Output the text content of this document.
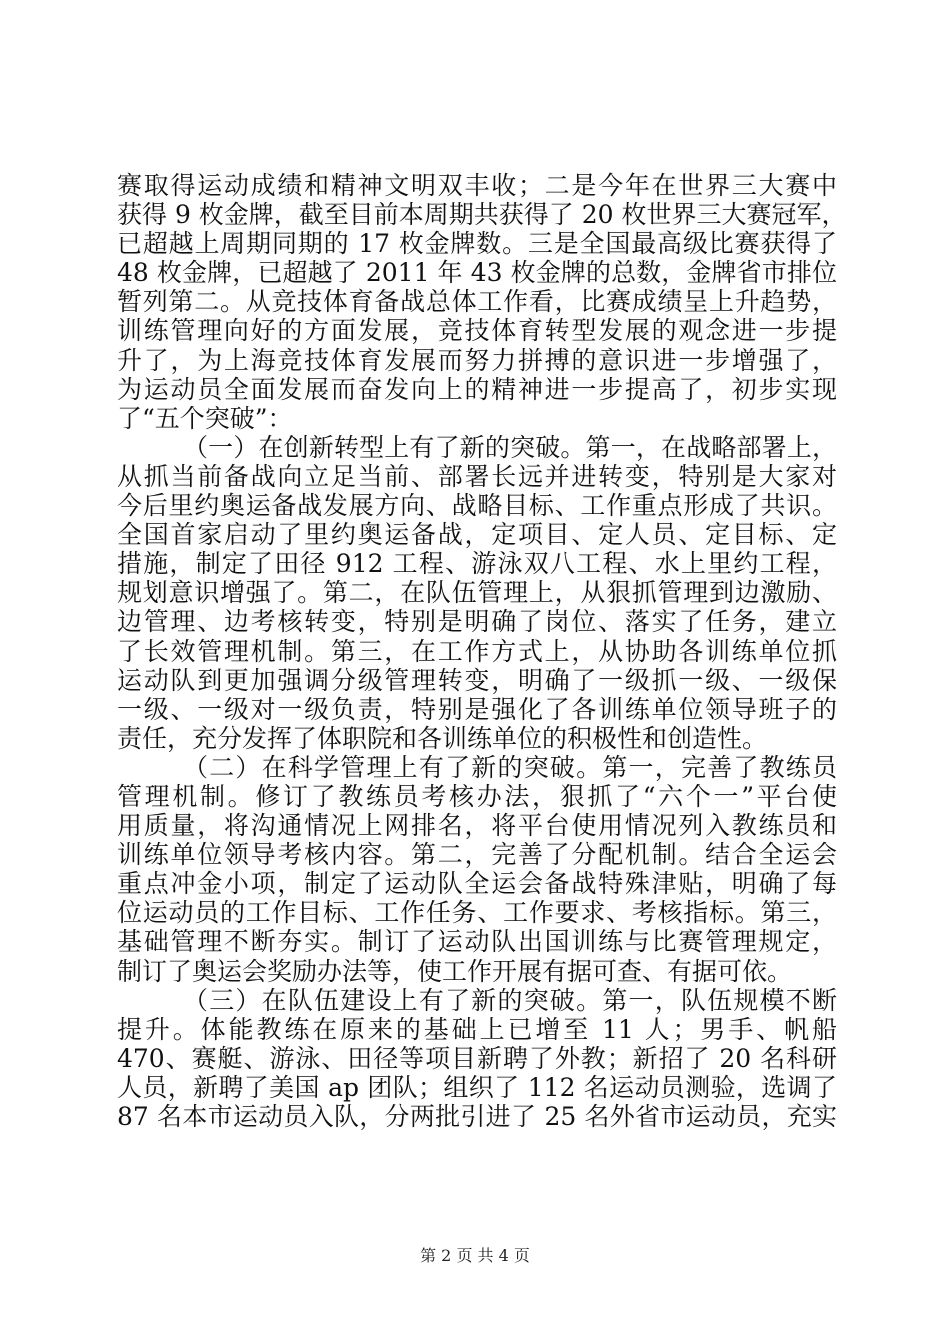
赛取得运动成绩和精神文明双丰收；二是今年在世界三大赛中
获得 9 枚金牌，截至目前本周期共获得了 20 枚世界三大赛冠军，
已超越上周期同期的 17 枚金牌数。三是全国最高级比赛获得了
48 枚金牌，已超越了 2011 年 43 枚金牌的总数，金牌省市排位
暂列第二。从竞技体育备战总体工作看，比赛成绩呈上升趋势，
训练管理向好的方面发展，竞技体育转型发展的观念进一步提
升了，为上海竞技体育发展而努力拼搏的意识进一步增强了，
为运动员全面发展而奋发向上的精神进一步提高了，初步实现
了“五个突破”：
（一）在创新转型上有了新的突破。第一，在战略部署上，
从抓当前备战向立足当前、部署长远并进转变，特别是大家对
今后里约奥运备战发展方向、战略目标、工作重点形成了共识。
全国首家启动了里约奥运备战，定项目、定人员、定目标、定
措施，制定了田径 912 工程、游泳双八工程、水上里约工程，
规划意识增强了。第二，在队伍管理上，从狠抓管理到边激励、
边管理、边考核转变，特别是明确了岗位、落实了任务，建立
了长效管理机制。第三，在工作方式上，从协助各训练单位抓
运动队到更加强调分级管理转变，明确了一级抓一级、一级保
一级、一级对一级负责，特别是强化了各训练单位领导班子的
责任，充分发挥了体职院和各训练单位的积极性和创造性。
（二）在科学管理上有了新的突破。第一，完善了教练员
管理机制。修订了教练员考核办法，狠抓了“六个一”平台使
用质量，将沟通情况上网排名，将平台使用情况列入教练员和
训练单位领导考核内容。第二，完善了分配机制。结合全运会
重点冲金小项，制定了运动队全运会备战特殊津贴，明确了每
位运动员的工作目标、工作任务、工作要求、考核指标。第三，
基础管理不断夯实。制订了运动队出国训练与比赛管理规定，
制订了奥运会奖励办法等，使工作开展有据可查、有据可依。
（三）在队伍建设上有了新的突破。第一，队伍规模不断
提升。体能教练在原来的基础上已增至 11 人；男手、帆船
470、赛艇、游泳、田径等项目新聘了外教；新招了 20 名科研
人员，新聘了美国 ap 团队；组织了 112 名运动员测验，选调了
87 名本市运动员入队，分两批引进了 25 名外省市运动员，充实
第 2 页 共 4 页
